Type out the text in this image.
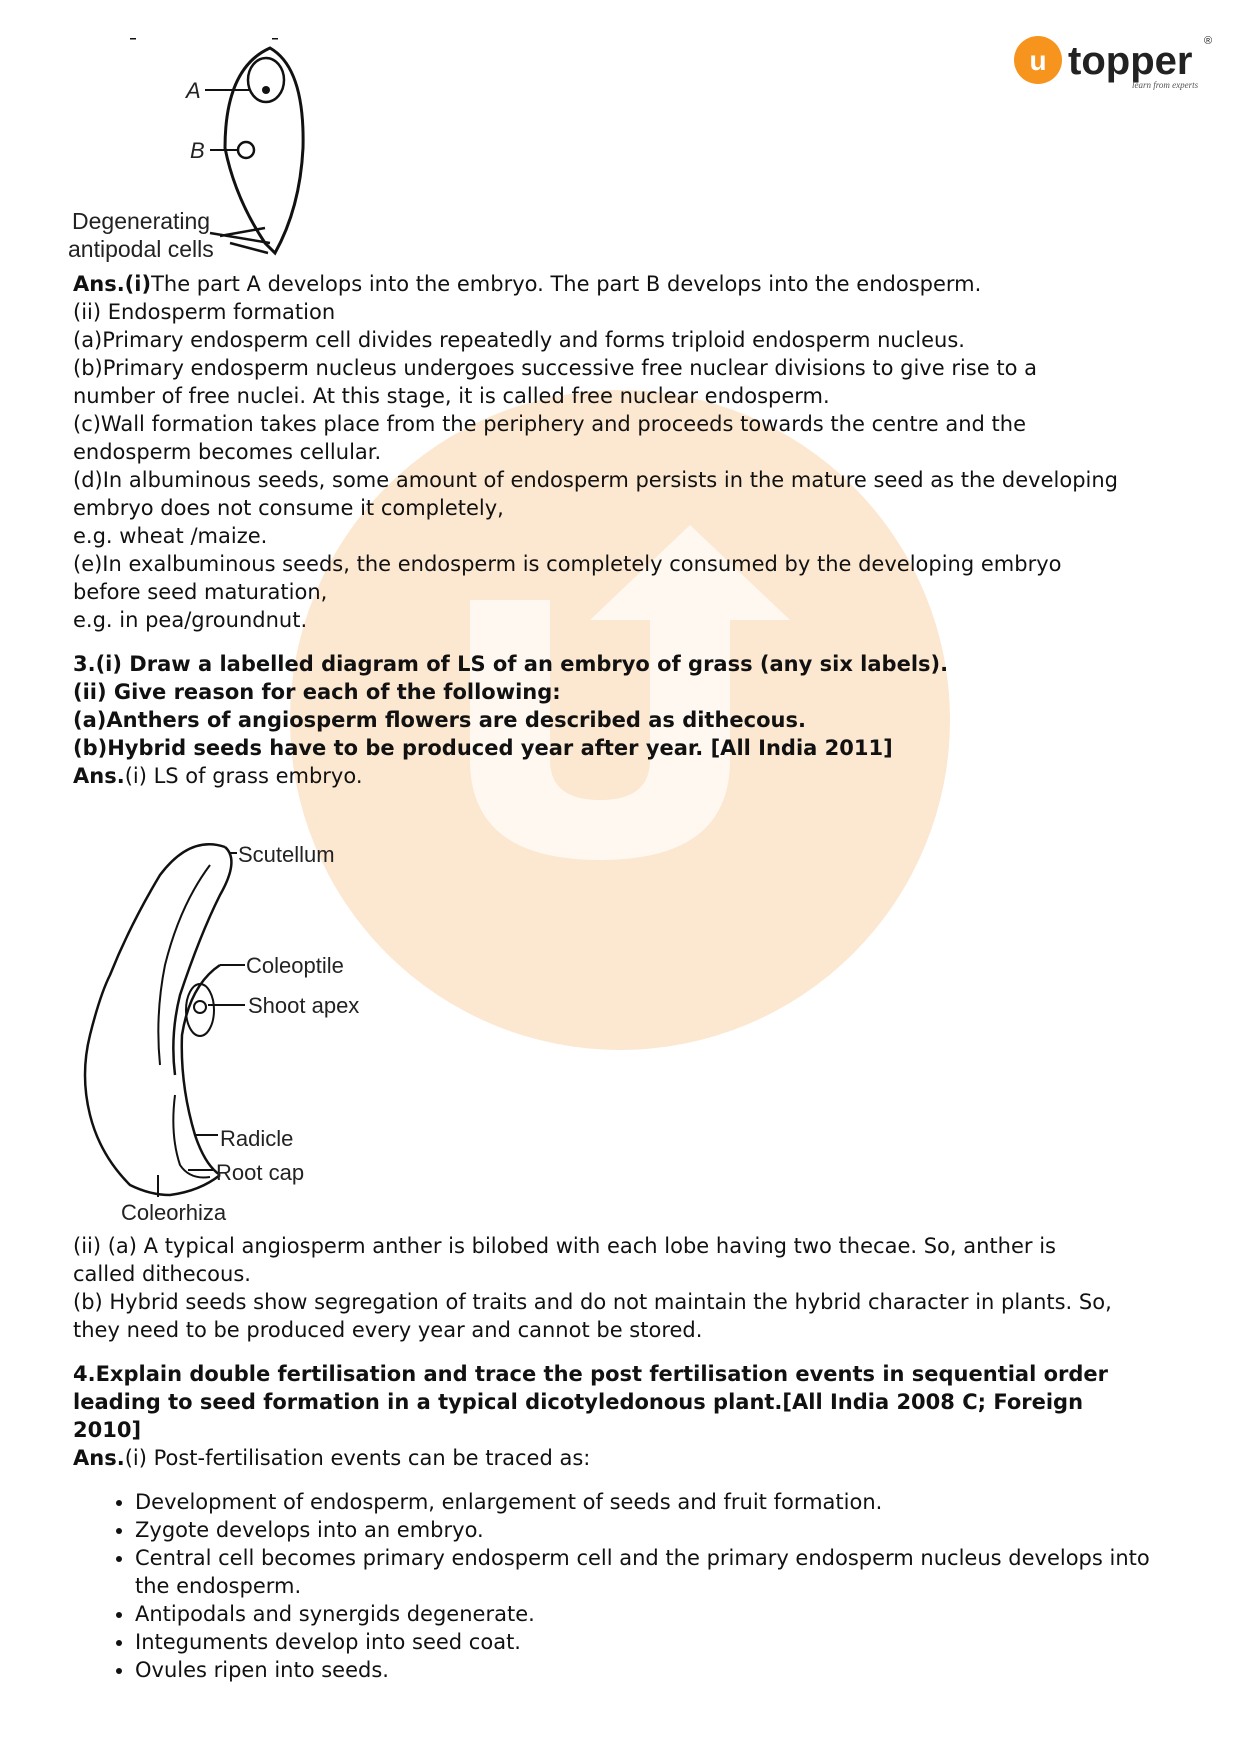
u topper ®
learn from experts
A
B
Degenerating
antipodal cells

Ans.(i)The part A develops into the embryo. The part B develops into the endosperm.

(ii) Endosperm formation

(a)Primary endosperm cell divides repeatedly and forms triploid endosperm nucleus.

(b)Primary endosperm nucleus undergoes successive free nuclear divisions to give rise to a

number of free nuclei. At this stage, it is called free nuclear endosperm.

(c)Wall formation takes place from the periphery and proceeds towards the centre and the

endosperm becomes cellular.

(d)In albuminous seeds, some amount of endosperm persists in the mature seed as the developing

embryo does not consume it completely,

e.g. wheat /maize.

(e)In exalbuminous seeds, the endosperm is completely consumed by the developing embryo

before seed maturation,

e.g. in pea/groundnut.

3.(i) Draw a labelled diagram of LS of an embryo of grass (any six labels).

(ii) Give reason for each of the following:

(a)Anthers of angiosperm flowers are described as dithecous.

(b)Hybrid seeds have to be produced year after year. [All India 2011]

Ans.(i) LS of grass embryo.

Scutellum
Coleoptile
Shoot apex
Radicle
Root cap
Coleorhiza

(ii) (a) A typical angiosperm anther is bilobed with each lobe having two thecae. So, anther is

called dithecous.

(b) Hybrid seeds show segregation of traits and do not maintain the hybrid character in plants. So,

they need to be produced every year and cannot be stored.

4.Explain double fertilisation and trace the post fertilisation events in sequential order

leading to seed formation in a typical dicotyledonous plant.[All India 2008 C; Foreign

2010]

Ans.(i) Post-fertilisation events can be traced as:

• Development of endosperm, enlargement of seeds and fruit formation.
• Zygote develops into an embryo.
• Central cell becomes primary endosperm cell and the primary endosperm nucleus develops into the endosperm.
• Antipodals and synergids degenerate.
• Integuments develop into seed coat.
• Ovules ripen into seeds.
